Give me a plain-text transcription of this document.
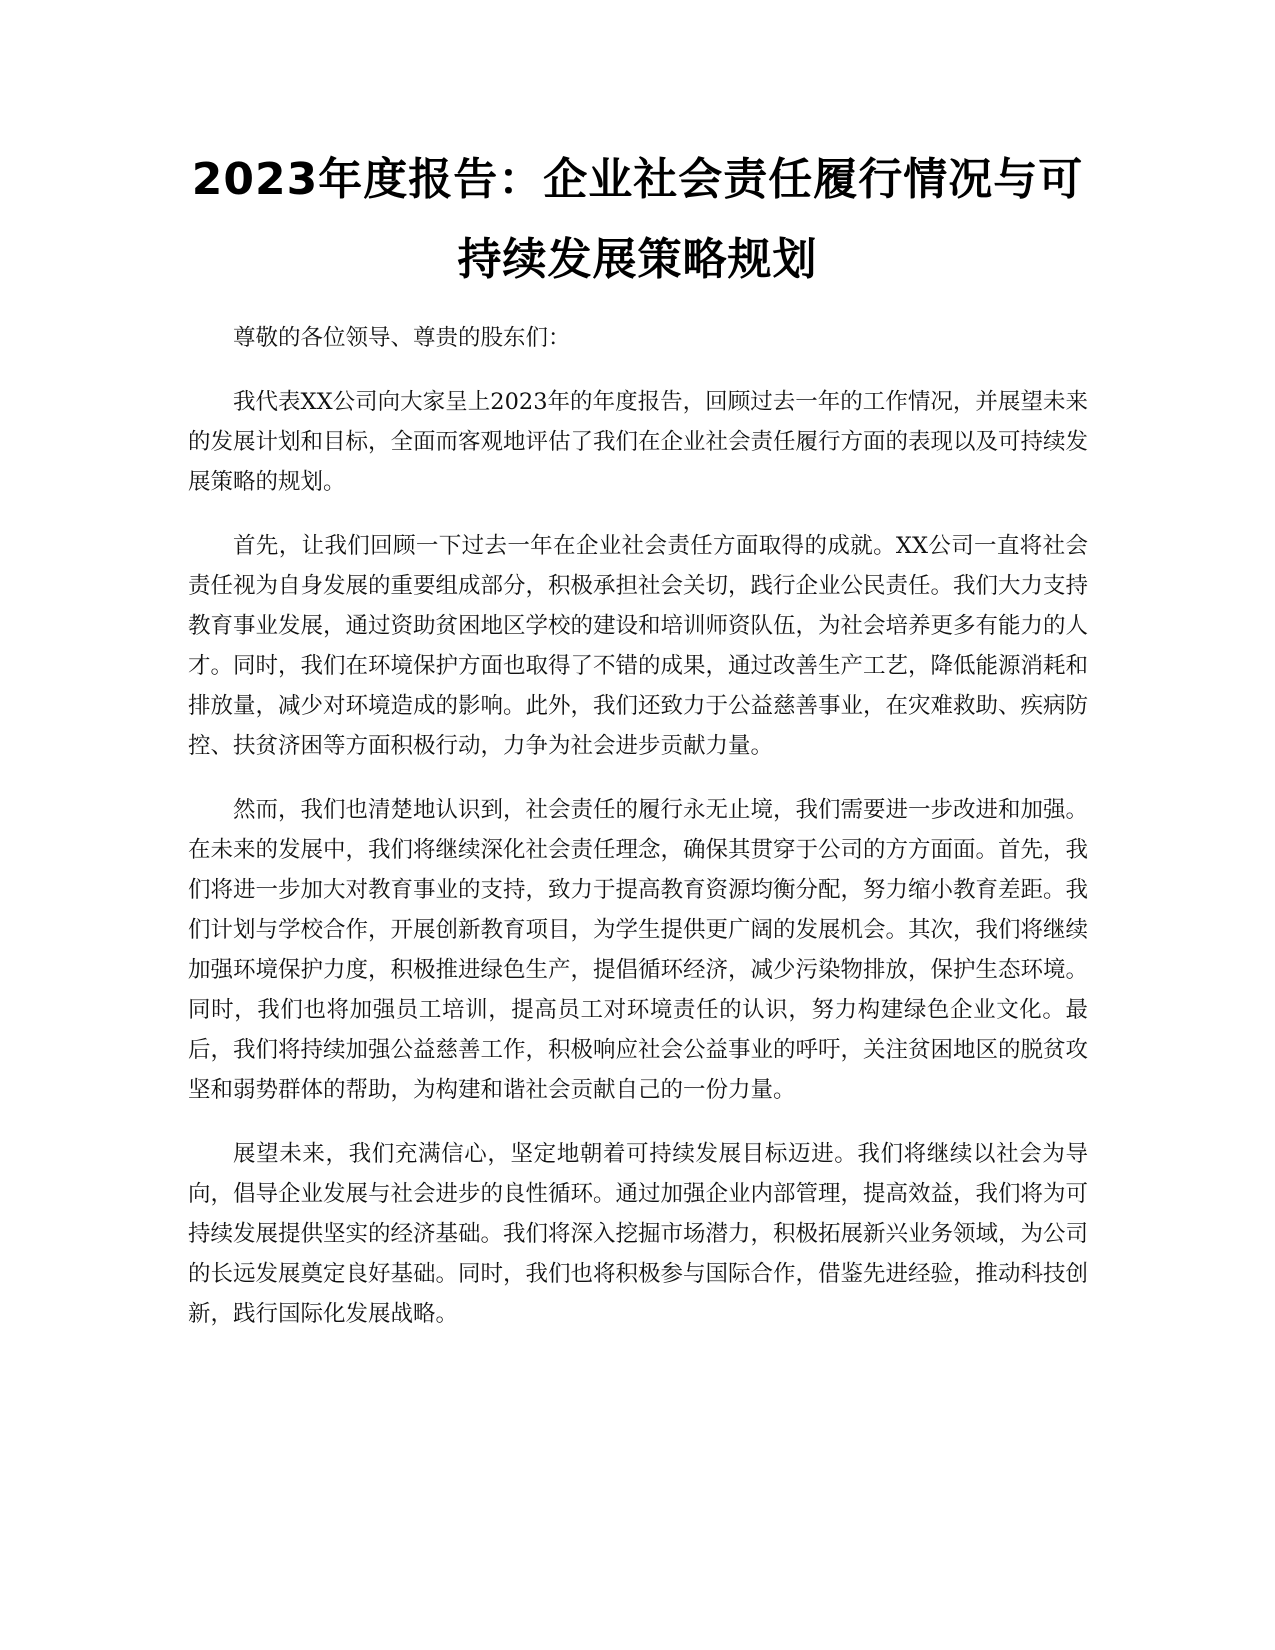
2023年度报告：企业社会责任履行情况与可持续发展策略规划

尊敬的各位领导、尊贵的股东们：

我代表XX公司向大家呈上2023年的年度报告，回顾过去一年的工作情况，并展望未来的发展计划和目标，全面而客观地评估了我们在企业社会责任履行方面的表现以及可持续发展策略的规划。

首先，让我们回顾一下过去一年在企业社会责任方面取得的成就。XX公司一直将社会责任视为自身发展的重要组成部分，积极承担社会关切，践行企业公民责任。我们大力支持教育事业发展，通过资助贫困地区学校的建设和培训师资队伍，为社会培养更多有能力的人才。同时，我们在环境保护方面也取得了不错的成果，通过改善生产工艺，降低能源消耗和排放量，减少对环境造成的影响。此外，我们还致力于公益慈善事业，在灾难救助、疾病防控、扶贫济困等方面积极行动，力争为社会进步贡献力量。

然而，我们也清楚地认识到，社会责任的履行永无止境，我们需要进一步改进和加强。在未来的发展中，我们将继续深化社会责任理念，确保其贯穿于公司的方方面面。首先，我们将进一步加大对教育事业的支持，致力于提高教育资源均衡分配，努力缩小教育差距。我们计划与学校合作，开展创新教育项目，为学生提供更广阔的发展机会。其次，我们将继续加强环境保护力度，积极推进绿色生产，提倡循环经济，减少污染物排放，保护生态环境。同时，我们也将加强员工培训，提高员工对环境责任的认识，努力构建绿色企业文化。最后，我们将持续加强公益慈善工作，积极响应社会公益事业的呼吁，关注贫困地区的脱贫攻坚和弱势群体的帮助，为构建和谐社会贡献自己的一份力量。

展望未来，我们充满信心，坚定地朝着可持续发展目标迈进。我们将继续以社会为导向，倡导企业发展与社会进步的良性循环。通过加强企业内部管理，提高效益，我们将为可持续发展提供坚实的经济基础。我们将深入挖掘市场潜力，积极拓展新兴业务领域，为公司的长远发展奠定良好基础。同时，我们也将积极参与国际合作，借鉴先进经验，推动科技创新，践行国际化发展战略。
